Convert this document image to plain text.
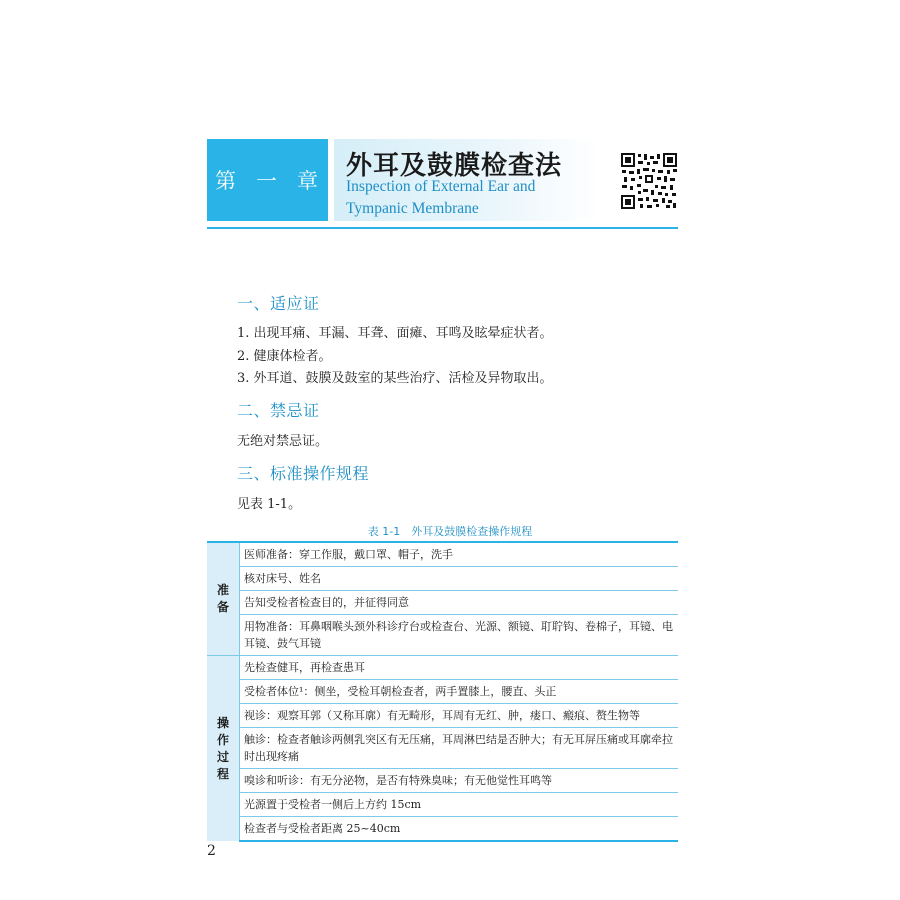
第 一 章 外耳及鼓膜检查法
Inspection of External Ear and
Tympanic Membrane
一、适应证
1. 出现耳痛、耳漏、耳聋、面瘫、耳鸣及眩晕症状者。
2. 健康体检者。
3. 外耳道、鼓膜及鼓室的某些治疗、活检及异物取出。
二、禁忌证
无绝对禁忌证。
三、标准操作规程
见表 1-1。
表 1-1　外耳及鼓膜检查操作规程
准备	医师准备：穿工作服，戴口罩、帽子，洗手
	核对床号、姓名
	告知受检者检查目的，并征得同意
	用物准备：耳鼻咽喉头颈外科诊疗台或检查台、光源、额镜、耵聍钩、卷棉子，耳镜、电耳镜、鼓气耳镜
操作过程	先检查健耳，再检查患耳
	受检者体位¹：侧坐，受检耳朝检查者，两手置膝上，腰直、头正
	视诊：观察耳郭（又称耳廓）有无畸形，耳周有无红、肿，瘘口、瘢痕、赘生物等
	触诊：检查者触诊两侧乳突区有无压痛，耳周淋巴结是否肿大；有无耳屏压痛或耳廓牵拉时出现疼痛
	嗅诊和听诊：有无分泌物，是否有特殊臭味；有无他觉性耳鸣等
	光源置于受检者一侧后上方约 15cm
	检查者与受检者距离 25~40cm
2
